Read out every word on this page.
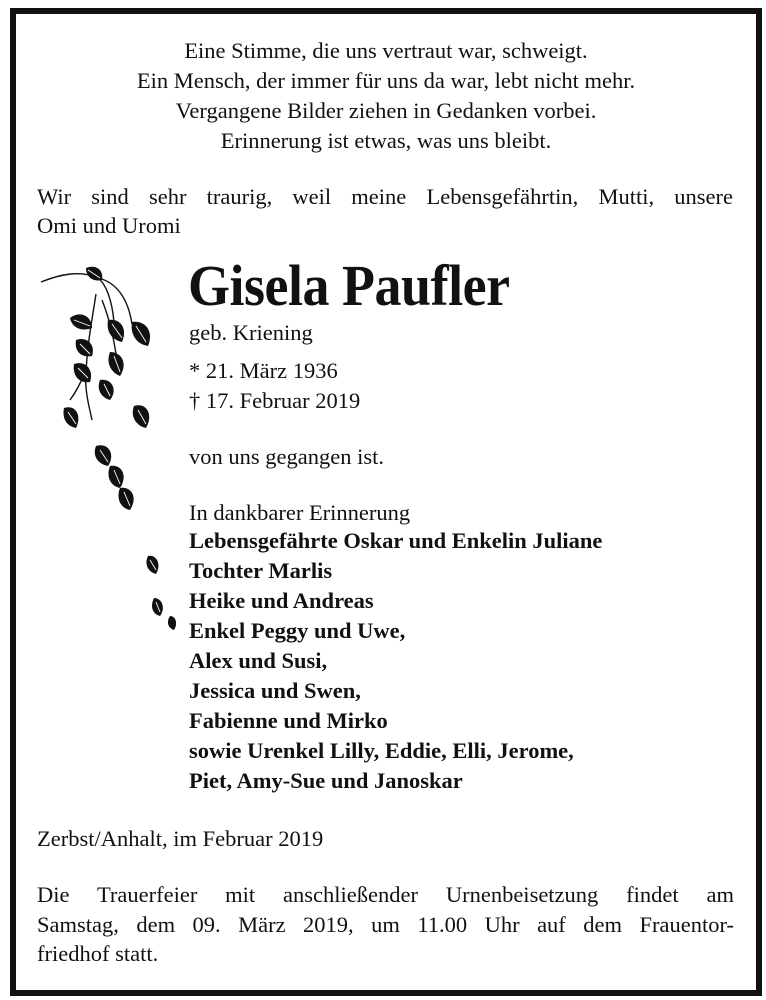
Eine Stimme, die uns vertraut war, schweigt.
Ein Mensch, der immer für uns da war, lebt nicht mehr.
Vergangene Bilder ziehen in Gedanken vorbei.
Erinnerung ist etwas, was uns bleibt.
Wir sind sehr traurig, weil meine Lebensgefährtin, Mutti, unsere
Omi und Uromi
Gisela Paufler
geb. Kriening
* 21. März 1936
† 17. Februar 2019
von uns gegangen ist.
In dankbarer Erinnerung
Lebensgefährte Oskar und Enkelin Juliane
Tochter Marlis
Heike und Andreas
Enkel Peggy und Uwe,
Alex und Susi,
Jessica und Swen,
Fabienne und Mirko
sowie Urenkel Lilly, Eddie, Elli, Jerome,
Piet, Amy-Sue und Janoskar
Zerbst/Anhalt, im Februar 2019
Die Trauerfeier mit anschließender Urnenbeisetzung findet am
Samstag, dem 09. März 2019, um 11.00 Uhr auf dem Frauentor-
friedhof statt.
